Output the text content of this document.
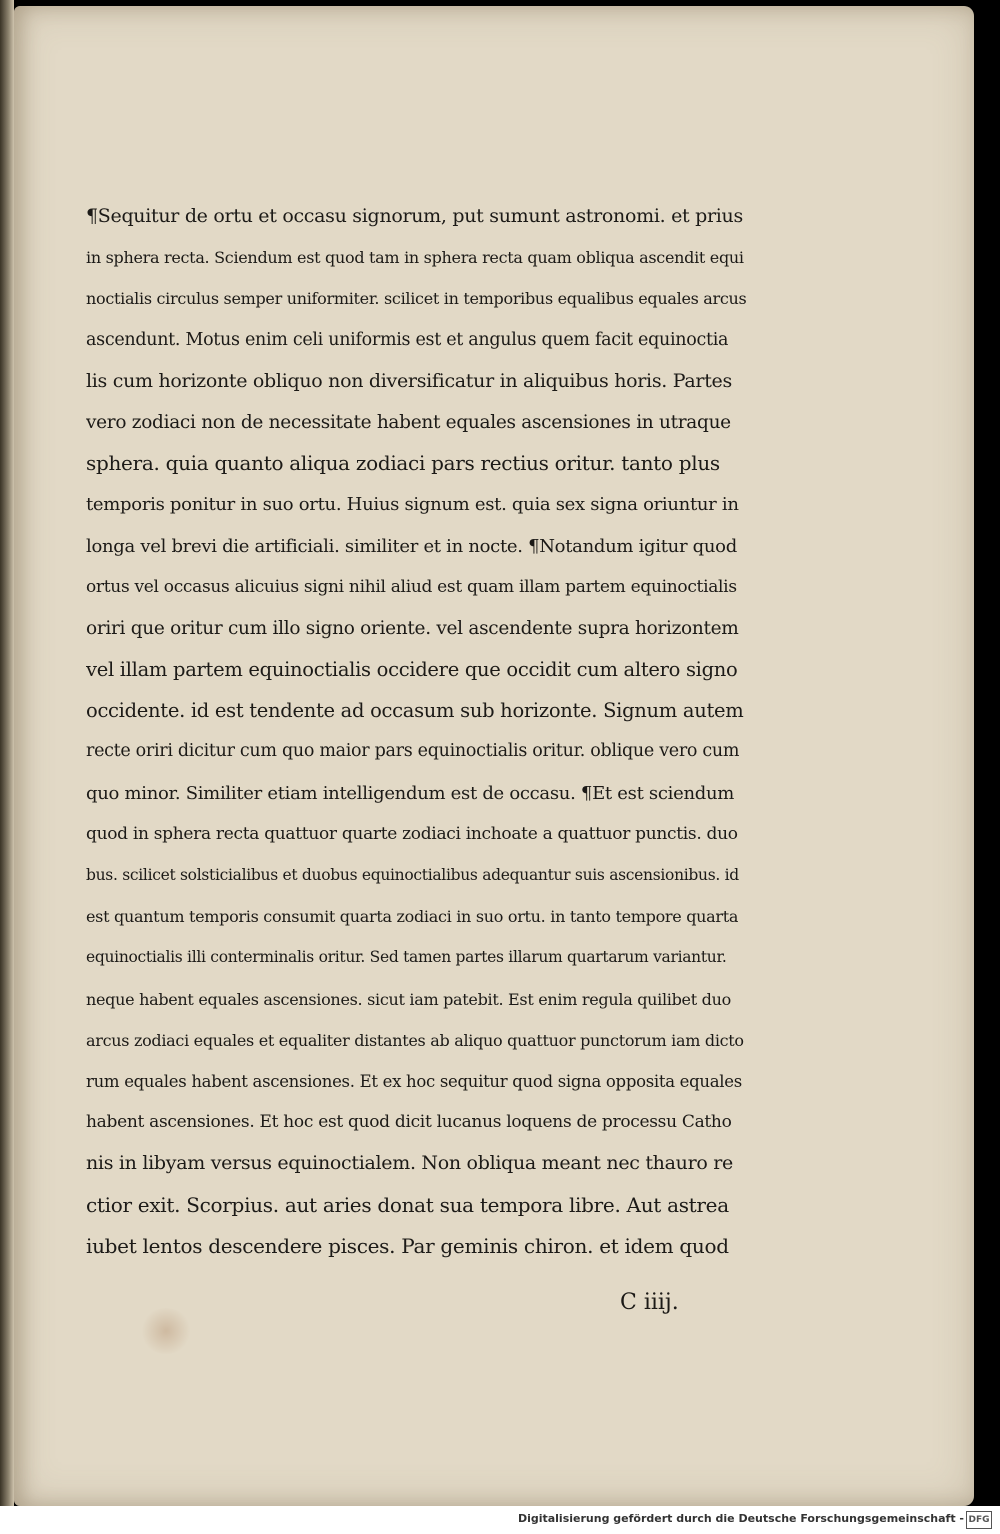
¶Sequitur de ortu et occasu signorum, put sumunt astronomi. et prius
in sphera recta. Sciendum est quod tam in sphera recta quam obliqua ascendit equi
noctialis circulus semper uniformiter. scilicet in temporibus equalibus equales arcus
ascendunt. Motus enim celi uniformis est et angulus quem facit equinoctia
lis cum horizonte obliquo non diversificatur in aliquibus horis. Partes
vero zodiaci non de necessitate habent equales ascensiones in utraque
sphera. quia quanto aliqua zodiaci pars rectius oritur. tanto plus
temporis ponitur in suo ortu. Huius signum est. quia sex signa oriuntur in
longa vel brevi die artificiali. similiter et in nocte. ¶Notandum igitur quod
ortus vel occasus alicuius signi nihil aliud est quam illam partem equinoctialis
oriri que oritur cum illo signo oriente. vel ascendente supra horizontem
vel illam partem equinoctialis occidere que occidit cum altero signo
occidente. id est tendente ad occasum sub horizonte. Signum autem
recte oriri dicitur cum quo maior pars equinoctialis oritur. oblique vero cum
quo minor. Similiter etiam intelligendum est de occasu. ¶Et est sciendum
quod in sphera recta quattuor quarte zodiaci inchoate a quattuor punctis. duo
bus. scilicet solsticialibus et duobus equinoctialibus adequantur suis ascensionibus. id
est quantum temporis consumit quarta zodiaci in suo ortu. in tanto tempore quarta
equinoctialis illi conterminalis oritur. Sed tamen partes illarum quartarum variantur.
neque habent equales ascensiones. sicut iam patebit. Est enim regula quilibet duo
arcus zodiaci equales et equaliter distantes ab aliquo quattuor punctorum iam dicto
rum equales habent ascensiones. Et ex hoc sequitur quod signa opposita equales
habent ascensiones. Et hoc est quod dicit lucanus loquens de processu Catho
nis in libyam versus equinoctialem. Non obliqua meant nec thauro re
ctior exit. Scorpius. aut aries donat sua tempora libre. Aut astrea
iubet lentos descendere pisces. Par geminis chiron. et idem quod
C iiij.
Digitalisierung gefördert durch die Deutsche Forschungsgemeinschaft - DFG
